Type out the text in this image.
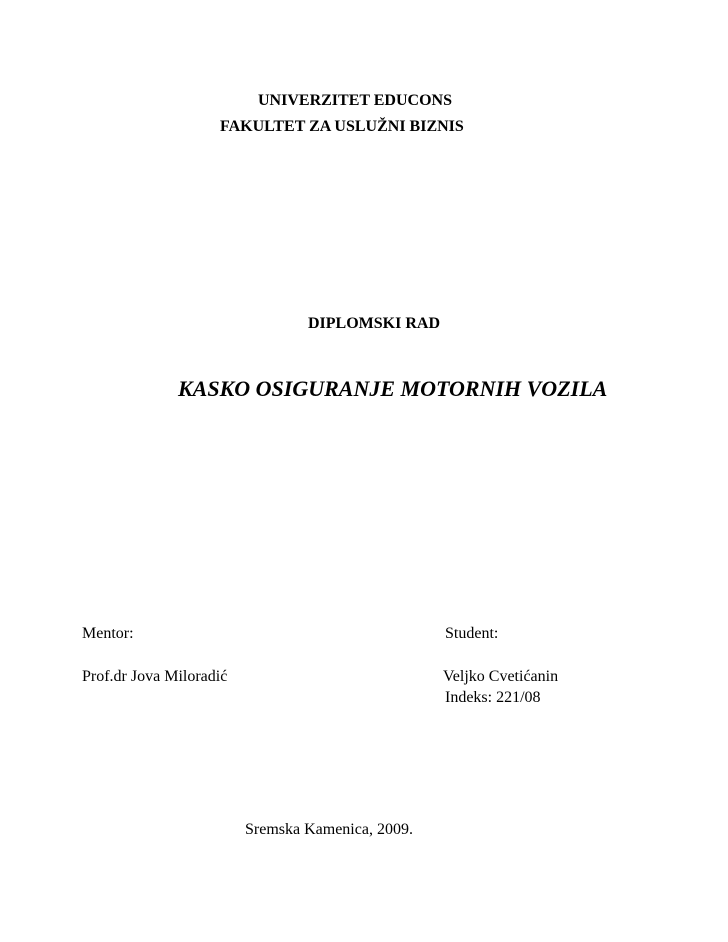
UNIVERZITET EDUCONS
FAKULTET ZA USLUŽNI BIZNIS
DIPLOMSKI RAD
KASKO OSIGURANJE MOTORNIH VOZILA
Mentor:	Student:
Prof.dr Jova Miloradić	Veljko Cvetićanin
Indeks: 221/08
Sremska Kamenica, 2009.
